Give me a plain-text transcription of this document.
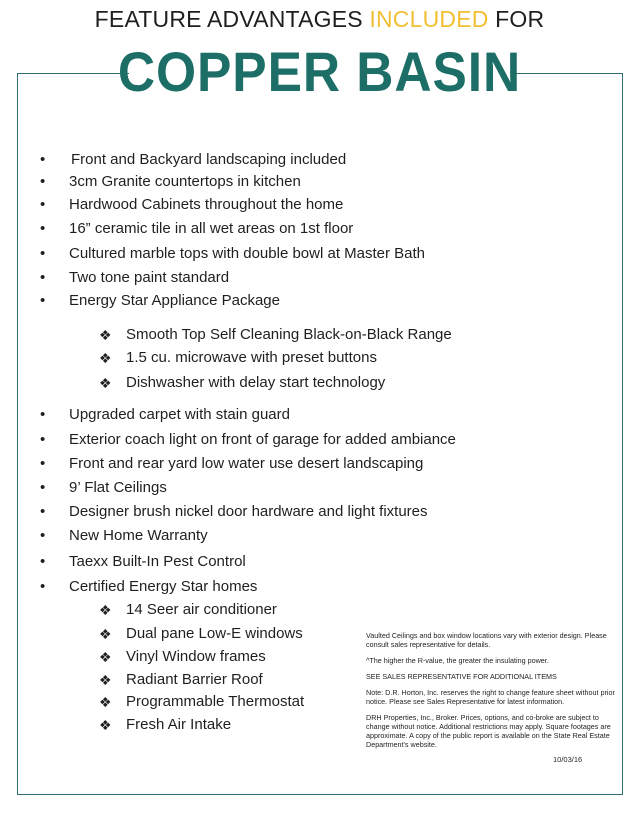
FEATURE ADVANTAGES INCLUDED FOR
COPPER BASIN
• Front and Backyard landscaping included
• 3cm Granite countertops in kitchen
• Hardwood Cabinets throughout the home
• 16” ceramic tile in all wet areas on 1st floor
• Cultured marble tops with double bowl at Master Bath
• Two tone paint standard
• Energy Star Appliance Package
❖ Smooth Top Self Cleaning Black-on-Black Range
❖ 1.5 cu. microwave with preset buttons
❖ Dishwasher with delay start technology
• Upgraded carpet with stain guard
• Exterior coach light on front of garage for added ambiance
• Front and rear yard low water use desert landscaping
• 9’ Flat Ceilings
• Designer brush nickel door hardware and light fixtures
• New Home Warranty
• Taexx Built-In Pest Control
• Certified Energy Star homes
❖ 14 Seer air conditioner
❖ Dual pane Low-E windows
❖ Vinyl Window frames
❖ Radiant Barrier Roof
❖ Programmable Thermostat
❖ Fresh Air Intake

Vaulted Ceilings and box window locations vary with exterior design. Please consult sales representative for details.

^The higher the R-value, the greater the insulating power.

SEE SALES REPRESENTATIVE FOR ADDITIONAL ITEMS

Note: D.R. Horton, Inc. reserves the right to change feature sheet without prior notice. Please see Sales Representative for latest information.

DRH Properties, Inc., Broker. Prices, options, and co-broke are subject to change without notice. Additional restrictions may apply. Square footages are approximate. A copy of the public report is available on the State Real Estate Department's website.

10/03/16
